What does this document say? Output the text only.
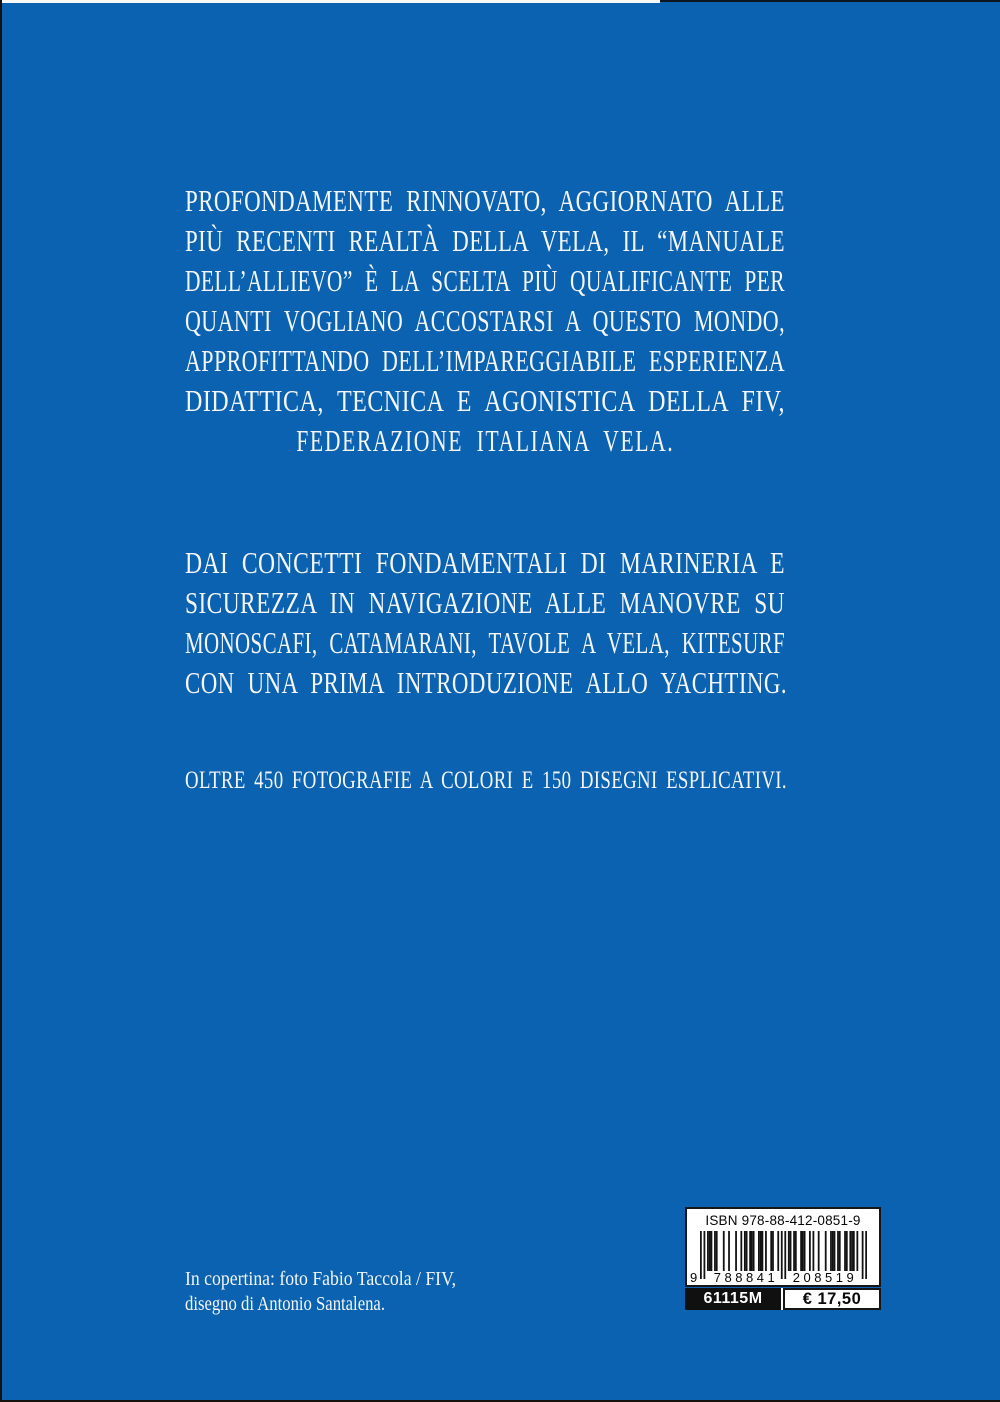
PROFONDAMENTE RINNOVATO, AGGIORNATO ALLE
PIÙ RECENTI REALTÀ DELLA VELA, IL “MANUALE
DELL’ALLIEVO” È LA SCELTA PIÙ QUALIFICANTE PER
QUANTI VOGLIANO ACCOSTARSI A QUESTO MONDO,
APPROFITTANDO DELL’IMPAREGGIABILE ESPERIENZA
DIDATTICA, TECNICA E AGONISTICA DELLA FIV,
FEDERAZIONE ITALIANA VELA.
DAI CONCETTI FONDAMENTALI DI MARINERIA E
SICUREZZA IN NAVIGAZIONE ALLE MANOVRE SU
MONOSCAFI, CATAMARANI, TAVOLE A VELA, KITESURF
CON UNA PRIMA INTRODUZIONE ALLO YACHTING.
OLTRE 450 FOTOGRAFIE A COLORI E 150 DISEGNI ESPLICATIVI.
In copertina: foto Fabio Taccola / FIV,
disegno di Antonio Santalena.
ISBN 978-88-412-0851-9
9 788841 208519
61115M	€ 17,50
